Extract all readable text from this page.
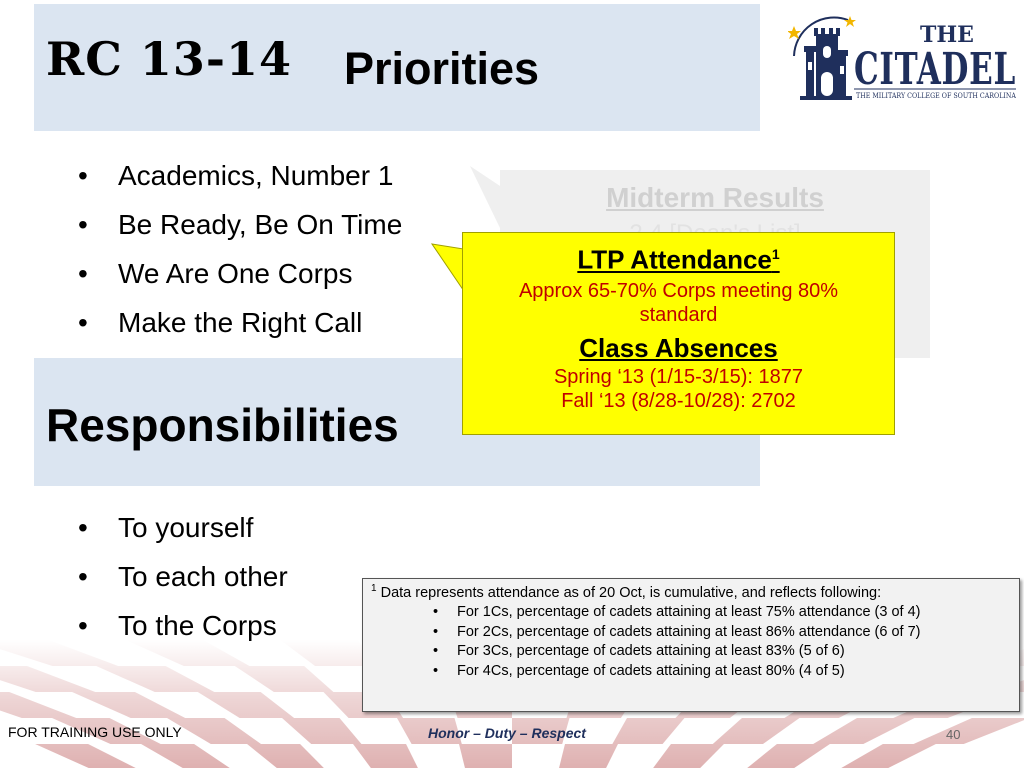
RC 13-14 Priorities
THE
CITADEL
THE MILITARY COLLEGE OF SOUTH CAROLINA
• Academics, Number 1
• Be Ready, Be On Time
• We Are One Corps
• Make the Right Call
Responsibilities
• To yourself
• To each other
• To the Corps
Midterm Results
LTP Attendance$^1$
Approx 65-70% Corps meeting 80%
standard
Class Absences
Spring ‘13 (1/15-3/15): 1877
Fall ‘13 (8/28-10/28): 2702
$^1$ Data represents attendance as of 20 Oct, is cumulative, and reflects following:
• For 1Cs, percentage of cadets attaining at least 75% attendance (3 of 4)
• For 2Cs, percentage of cadets attaining at least 86% attendance (6 of 7)
• For 3Cs, percentage of cadets attaining at least 83% (5 of 6)
• For 4Cs, percentage of cadets attaining at least 80% (4 of 5)
FOR TRAINING USE ONLY	Honor – Duty – Respect	40
